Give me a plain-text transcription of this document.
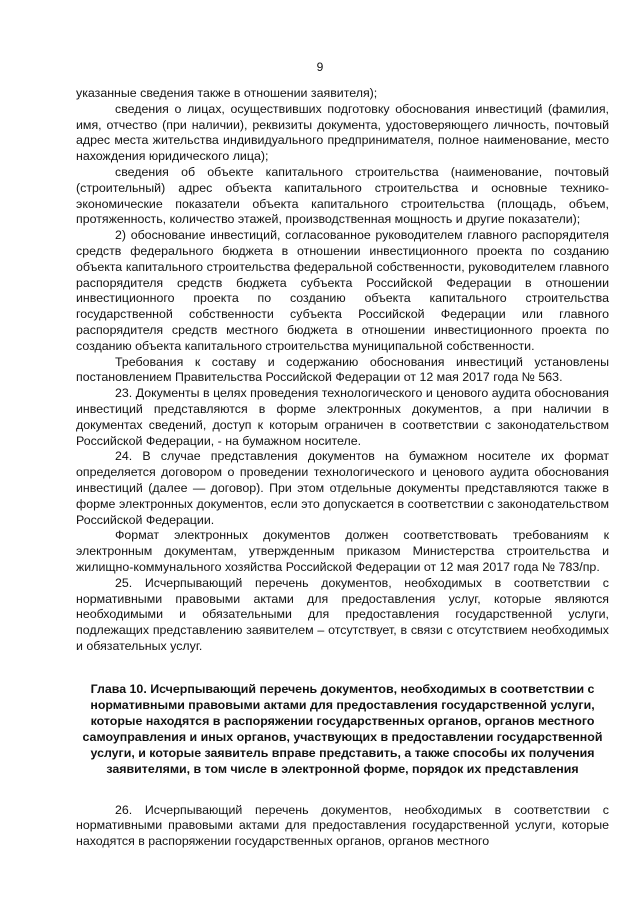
9

указанные сведения также в отношении заявителя);

сведения о лицах, осуществивших подготовку обоснования инвестиций (фамилия, имя, отчество (при наличии), реквизиты документа, удостоверяющего личность, почтовый адрес места жительства индивидуального предпринимателя, полное наименование, место нахождения юридического лица);

сведения об объекте капитального строительства (наименование, почтовый (строительный) адрес объекта капитального строительства и основные технико-экономические показатели объекта капитального строительства (площадь, объем, протяженность, количество этажей, производственная мощность и другие показатели);

2) обоснование инвестиций, согласованное руководителем главного распорядителя средств федерального бюджета в отношении инвестиционного проекта по созданию объекта капитального строительства федеральной собственности, руководителем главного распорядителя средств бюджета субъекта Российской Федерации в отношении инвестиционного проекта по созданию объекта капитального строительства государственной собственности субъекта Российской Федерации или главного распорядителя средств местного бюджета в отношении инвестиционного проекта по созданию объекта капитального строительства муниципальной собственности.

Требования к составу и содержанию обоснования инвестиций установлены постановлением Правительства Российской Федерации от 12 мая 2017 года № 563.

23. Документы в целях проведения технологического и ценового аудита обоснования инвестиций представляются в форме электронных документов, а при наличии в документах сведений, доступ к которым ограничен в соответствии с законодательством Российской Федерации, - на бумажном носителе.

24. В случае представления документов на бумажном носителе их формат определяется договором о проведении технологического и ценового аудита обоснования инвестиций (далее — договор). При этом отдельные документы представляются также в форме электронных документов, если это допускается в соответствии с законодательством Российской Федерации.

Формат электронных документов должен соответствовать требованиям к электронным документам, утвержденным приказом Министерства строительства и жилищно-коммунального хозяйства Российской Федерации от 12 мая 2017 года № 783/пр.

25. Исчерпывающий перечень документов, необходимых в соответствии с нормативными правовыми актами для предоставления услуг, которые являются необходимыми и обязательными для предоставления государственной услуги, подлежащих представлению заявителем – отсутствует, в связи с отсутствием необходимых и обязательных услуг.

Глава 10. Исчерпывающий перечень документов, необходимых в соответствии с нормативными правовыми актами для предоставления государственной услуги, которые находятся в распоряжении государственных органов, органов местного самоуправления и иных органов, участвующих в предоставлении государственной услуги, и которые заявитель вправе представить, а также способы их получения заявителями, в том числе в электронной форме, порядок их представления

26. Исчерпывающий перечень документов, необходимых в соответствии с нормативными правовыми актами для предоставления государственной услуги, которые находятся в распоряжении государственных органов, органов местного
